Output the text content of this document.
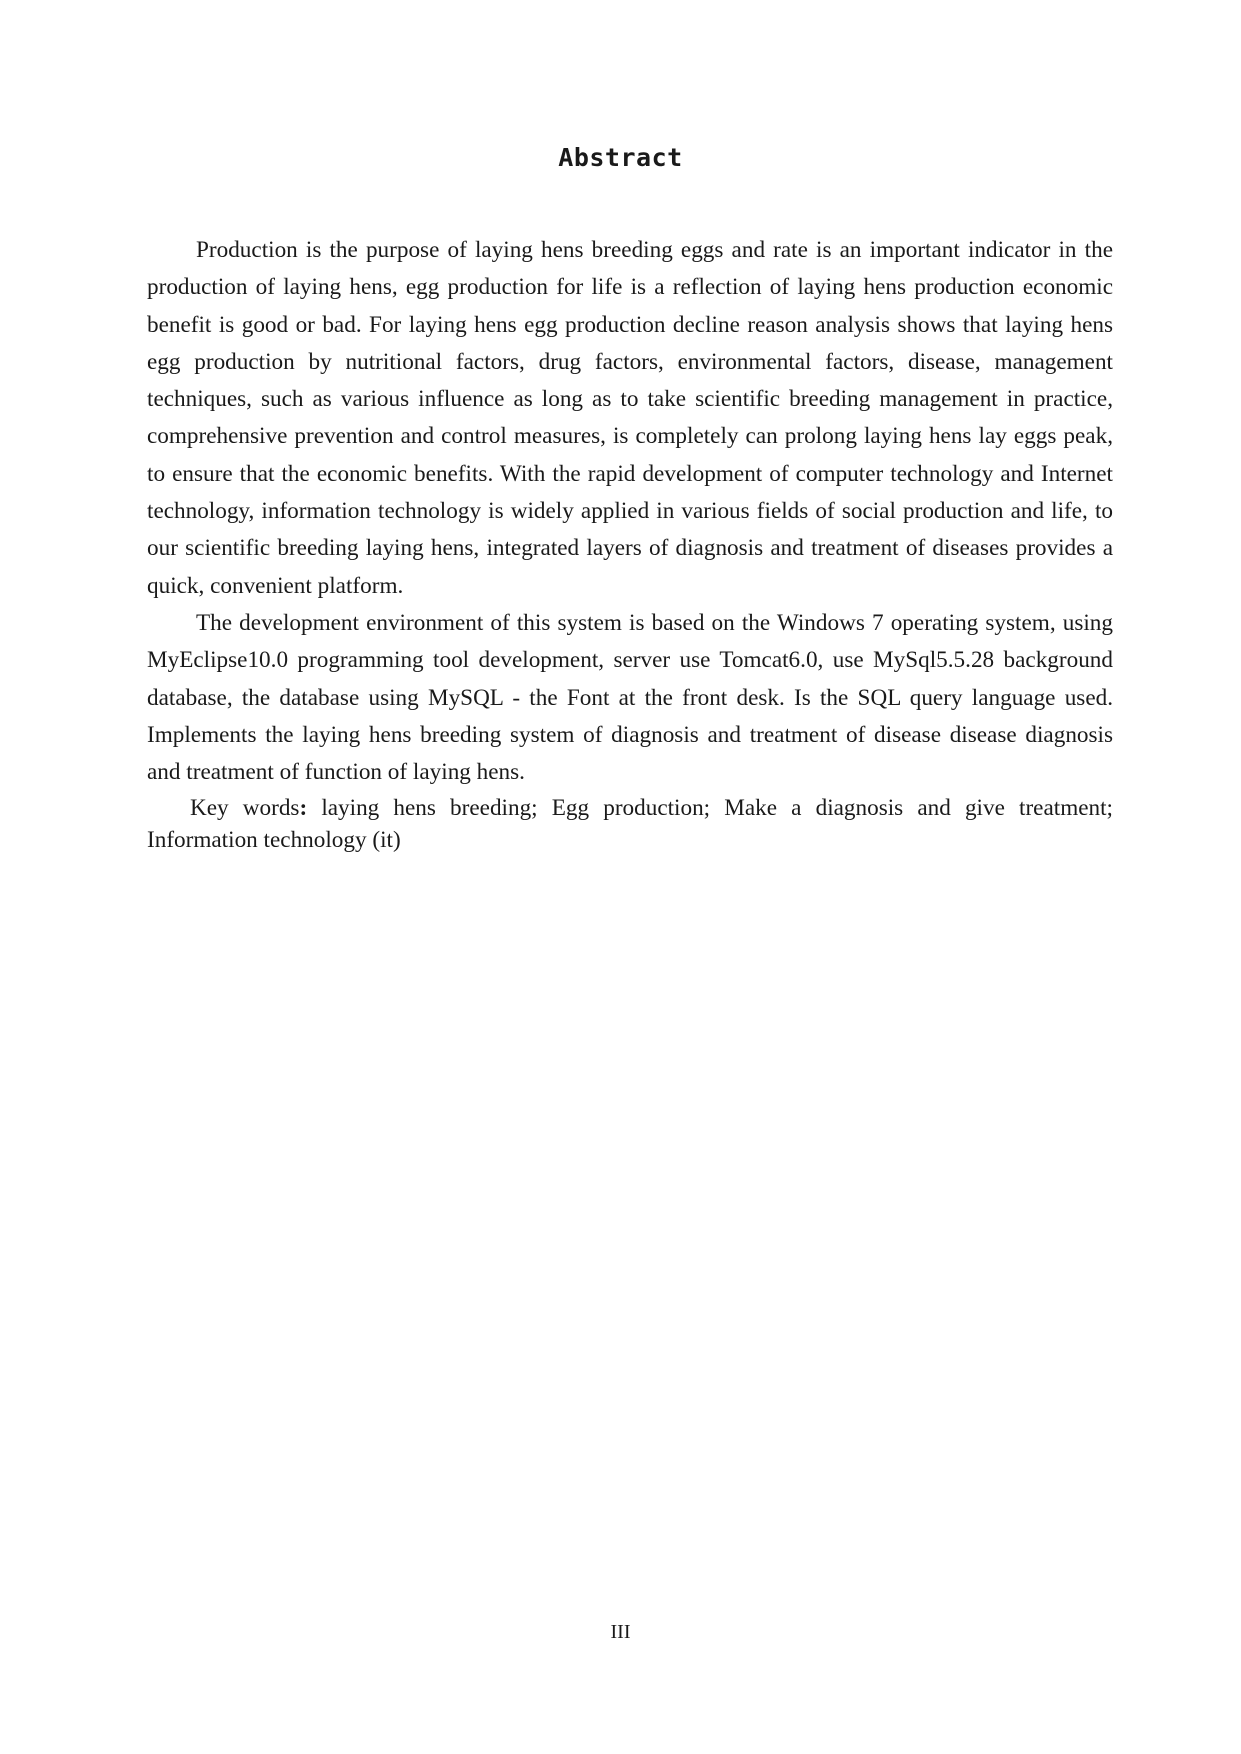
Abstract

Production is the purpose of laying hens breeding eggs and rate is an important indicator in the production of laying hens, egg production for life is a reflection of laying hens production economic benefit is good or bad. For laying hens egg production decline reason analysis shows that laying hens egg production by nutritional factors, drug factors, environmental factors, disease, management techniques, such as various influence as long as to take scientific breeding management in practice, comprehensive prevention and control measures, is completely can prolong laying hens lay eggs peak, to ensure that the economic benefits. With the rapid development of computer technology and Internet technology, information technology is widely applied in various fields of social production and life, to our scientific breeding laying hens, integrated layers of diagnosis and treatment of diseases provides a quick, convenient platform.

The development environment of this system is based on the Windows 7 operating system, using MyEclipse10.0 programming tool development, server use Tomcat6.0, use MySql5.5.28 background database, the database using MySQL - the Font at the front desk. Is the SQL query language used. Implements the laying hens breeding system of diagnosis and treatment of disease disease diagnosis and treatment of function of laying hens.

Key words: laying hens breeding; Egg production; Make a diagnosis and give treatment; Information technology (it)

III
